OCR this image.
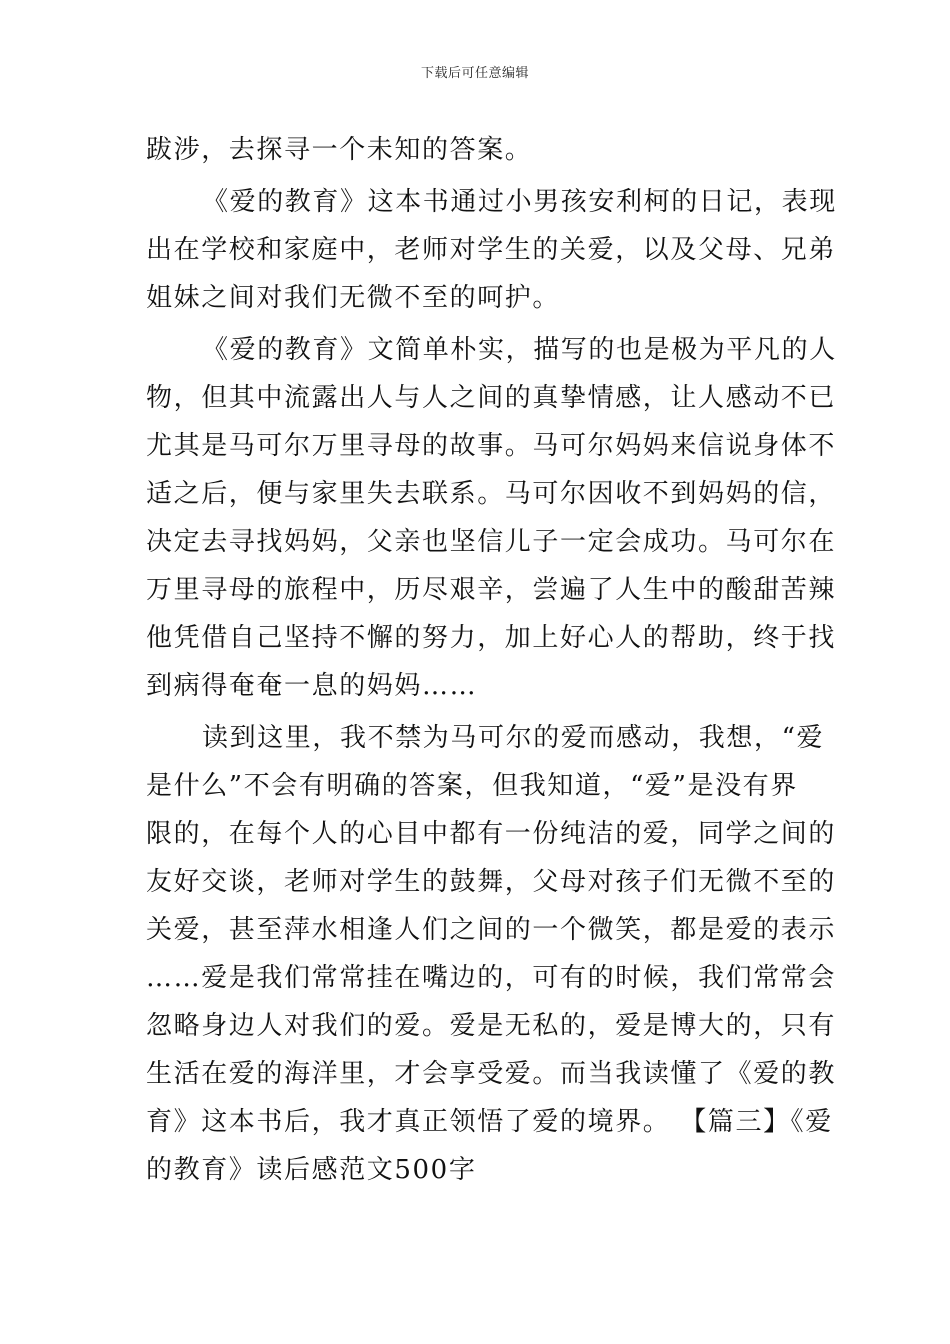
下载后可任意编辑
跋涉，去探寻一个未知的答案。
《爱的教育》这本书通过小男孩安利柯的日记，表现
出在学校和家庭中，老师对学生的关爱，以及父母、兄弟
姐妹之间对我们无微不至的呵护。
《爱的教育》文简单朴实，描写的也是极为平凡的人
物，但其中流露出人与人之间的真挚情感，让人感动不已
尤其是马可尔万里寻母的故事。马可尔妈妈来信说身体不
适之后，便与家里失去联系。马可尔因收不到妈妈的信，
决定去寻找妈妈，父亲也坚信儿子一定会成功。马可尔在
万里寻母的旅程中，历尽艰辛，尝遍了人生中的酸甜苦辣
他凭借自己坚持不懈的努力，加上好心人的帮助，终于找
到病得奄奄一息的妈妈……
读到这里，我不禁为马可尔的爱而感动，我想，“爱
是什么”不会有明确的答案，但我知道，“爱”是没有界
限的，在每个人的心目中都有一份纯洁的爱，同学之间的
友好交谈，老师对学生的鼓舞，父母对孩子们无微不至的
关爱，甚至萍水相逢人们之间的一个微笑，都是爱的表示
……爱是我们常常挂在嘴边的，可有的时候，我们常常会
忽略身边人对我们的爱。爱是无私的，爱是博大的，只有
生活在爱的海洋里，才会享受爱。而当我读懂了《爱的教
育》这本书后，我才真正领悟了爱的境界。 【篇三】《爱
的教育》读后感范文500字
